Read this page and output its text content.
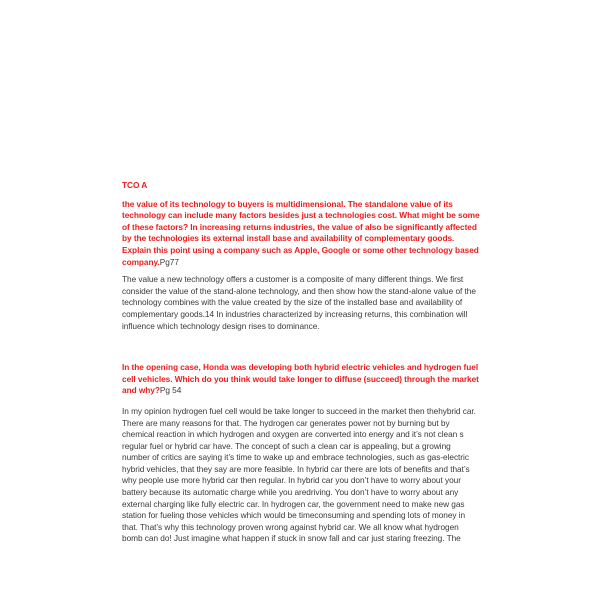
TCO A

the value of its technology to buyers is multidimensional. The standalone value of its technology can include many factors besides just a technologies cost. What might be some of these factors? In increasing returns industries, the value of also be significantly affected by the technologies its external install base and availability of complementary goods. Explain this point using a company such as Apple, Google or some other technology based company.Pg77

The value a new technology offers a customer is a composite of many different things. We first consider the value of the stand-alone technology, and then show how the stand-alone value of the technology combines with the value created by the size of the installed base and availability of complementary goods.14 In industries characterized by increasing returns, this combination will influence which technology design rises to dominance.

In the opening case, Honda was developing both hybrid electric vehicles and hydrogen fuel cell vehicles. Which do you think would take longer to diffuse (succeed) through the market and why?Pg 54

In my opinion hydrogen fuel cell would be take longer to succeed in the market then thehybrid car. There are many reasons for that. The hydrogen car generates power not by burning but by chemical reaction in which hydrogen and oxygen are converted into energy and it’s not clean s regular fuel or hybrid car have. The concept of such a clean car is appealing, but a growing number of critics are saying it’s time to wake up and embrace technologies, such as gas-electric hybrid vehicles, that they say are more feasible. In hybrid car there are lots of benefits and that’s why people use more hybrid car then regular. In hybrid car you don’t have to worry about your battery because its automatic charge while you aredriving. You don’t have to worry about any external charging like fully electric car. In hydrogen car, the government need to make new gas station for fueling those vehicles which would be timeconsuming and spending lots of money in that. That’s why this technology proven wrong against hybrid car. We all know what hydrogen bomb can do! Just imagine what happen if stuck in snow fall and car just staring freezing. The
